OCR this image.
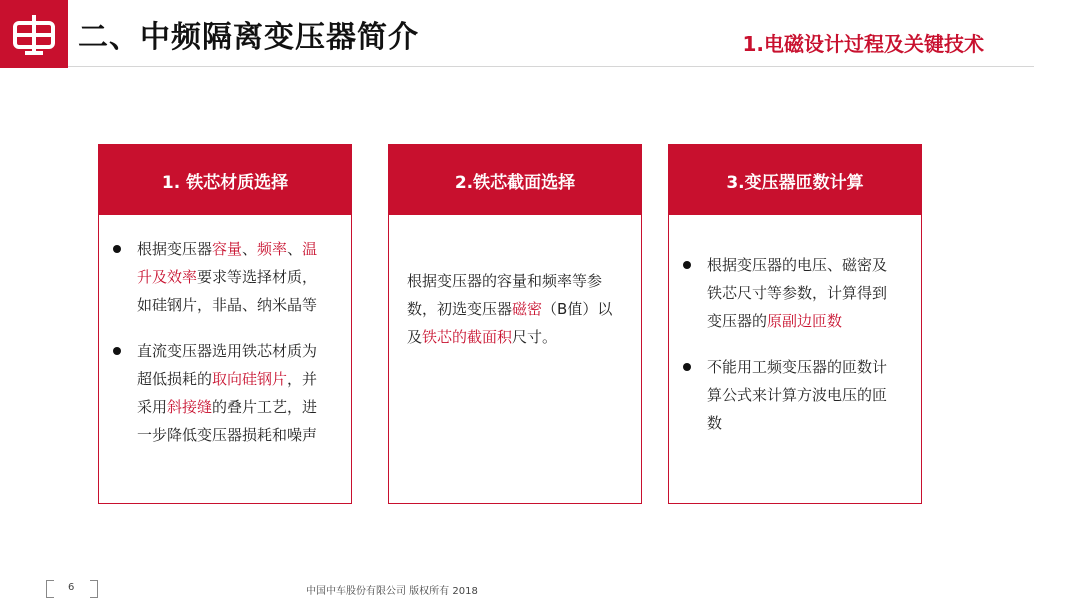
二、中频隔离变压器简介	1.电磁设计过程及关键技术
1. 铁芯材质选择
根据变压器容量、频率、温升及效率要求等选择材质，如硅钢片，非晶、纳米晶等
直流变压器选用铁芯材质为超低损耗的取向硅钢片，并采用斜接缝的叠片工艺，进一步降低变压器损耗和噪声
2.铁芯截面选择
根据变压器的容量和频率等参数，初选变压器磁密（B值）以及铁芯的截面积尺寸。
3.变压器匝数计算
根据变压器的电压、磁密及铁芯尺寸等参数，计算得到变压器的原副边匝数
不能用工频变压器的匝数计算公式来计算方波电压的匝数
6	中国中车股份有限公司 版权所有 2018
